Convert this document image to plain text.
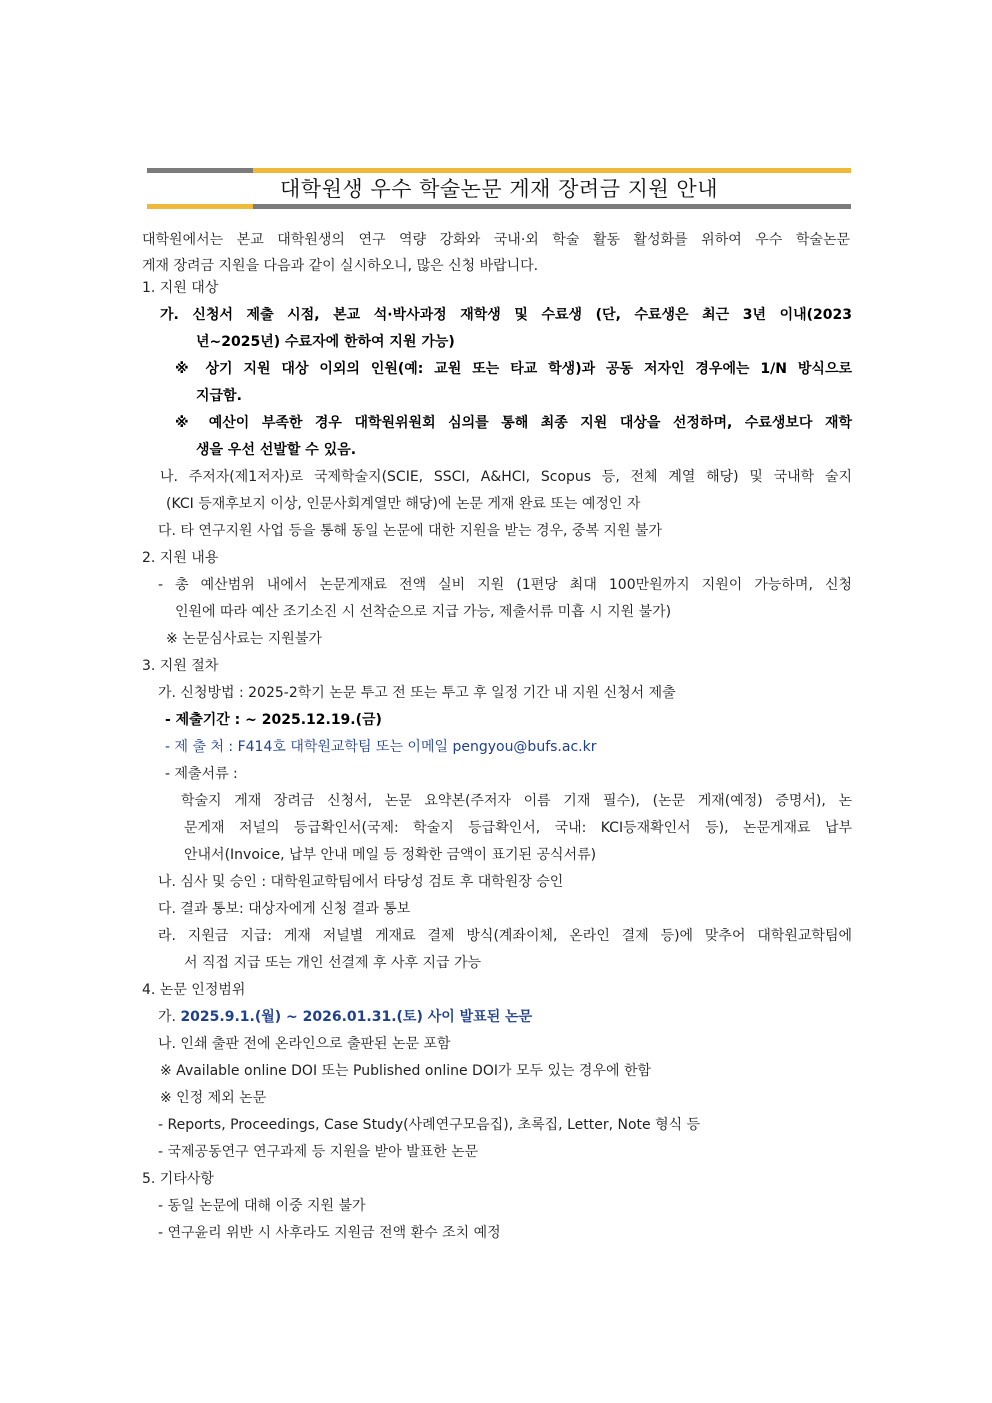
대학원생 우수 학술논문 게재 장려금 지원 안내
대학원에서는 본교 대학원생의 연구 역량 강화와 국내·외 학술 활동 활성화를 위하여 우수 학술논문
게재 장려금 지원을 다음과 같이 실시하오니, 많은 신청 바랍니다.
1. 지원 대상
가. 신청서 제출 시점, 본교 석·박사과정 재학생 및 수료생 (단, 수료생은 최근 3년 이내(2023
년~2025년) 수료자에 한하여 지원 가능)
※ 상기 지원 대상 이외의 인원(예: 교원 또는 타교 학생)과 공동 저자인 경우에는 1/N 방식으로
지급함.
※ 예산이 부족한 경우 대학원위원회 심의를 통해 최종 지원 대상을 선정하며, 수료생보다 재학
생을 우선 선발할 수 있음.
나. 주저자(제1저자)로 국제학술지(SCIE, SSCI, A&HCI, Scopus 등, 전체 계열 해당) 및 국내학 술지
(KCI 등재후보지 이상, 인문사회계열만 해당)에 논문 게재 완료 또는 예정인 자
다. 타 연구지원 사업 등을 통해 동일 논문에 대한 지원을 받는 경우, 중복 지원 불가
2. 지원 내용
- 총 예산범위 내에서 논문게재료 전액 실비 지원 (1편당 최대 100만원까지 지원이 가능하며, 신청
인원에 따라 예산 조기소진 시 선착순으로 지급 가능, 제출서류 미흡 시 지원 불가)
※ 논문심사료는 지원불가
3. 지원 절차
가. 신청방법 : 2025-2학기 논문 투고 전 또는 투고 후 일정 기간 내 지원 신청서 제출
- 제출기간 : ~ 2025.12.19.(금)
- 제 출 처 : F414호 대학원교학팀 또는 이메일 pengyou@bufs.ac.kr
- 제출서류 :
학술지 게재 장려금 신청서, 논문 요약본(주저자 이름 기재 필수), (논문 게재(예정) 증명서), 논
문게재 저널의 등급확인서(국제: 학술지 등급확인서, 국내: KCI등재확인서 등), 논문게재료 납부
안내서(Invoice, 납부 안내 메일 등 정확한 금액이 표기된 공식서류)
나. 심사 및 승인 : 대학원교학팀에서 타당성 검토 후 대학원장 승인
다. 결과 통보: 대상자에게 신청 결과 통보
라. 지원금 지급: 게재 저널별 게재료 결제 방식(계좌이체, 온라인 결제 등)에 맞추어 대학원교학팀에
서 직접 지급 또는 개인 선결제 후 사후 지급 가능
4. 논문 인정범위
가. 2025.9.1.(월) ~ 2026.01.31.(토) 사이 발표된 논문
나. 인쇄 출판 전에 온라인으로 출판된 논문 포함
※ Available online DOI 또는 Published online DOI가 모두 있는 경우에 한함
※ 인정 제외 논문
- Reports, Proceedings, Case Study(사례연구모음집), 초록집, Letter, Note 형식 등
- 국제공동연구 연구과제 등 지원을 받아 발표한 논문
5. 기타사항
- 동일 논문에 대해 이중 지원 불가
- 연구윤리 위반 시 사후라도 지원금 전액 환수 조치 예정
